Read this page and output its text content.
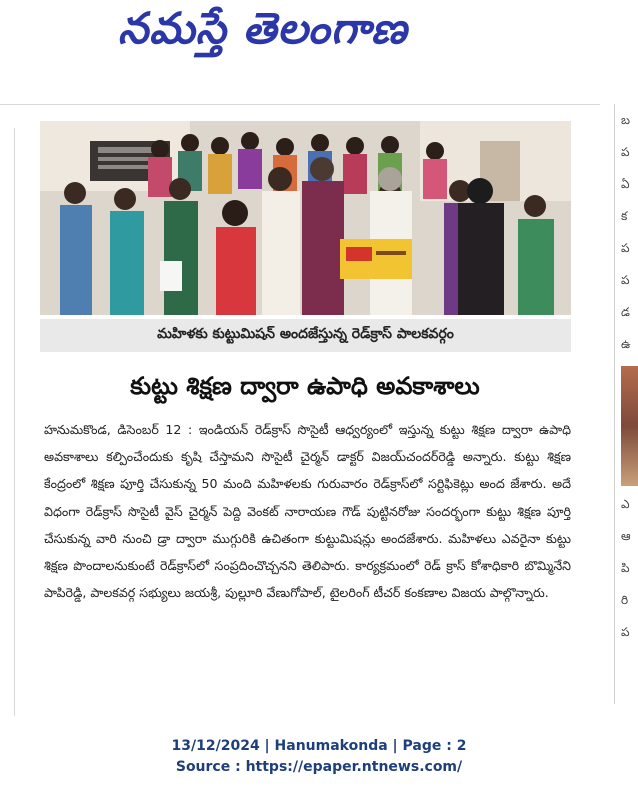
నమస్తే తెలంగాణ
బ
ప
ఏ
క
ప
ప
డ
ఉ
ఎ
ఆ
పి
రి
ప
మహిళకు కుట్టుమిషన్ అందజేస్తున్న రెడ్‌క్రాస్ పాలకవర్గం
కుట్టు శిక్షణ ద్వారా ఉపాధి అవకాశాలు
హనుమకొండ, డిసెంబర్ 12 : ఇండియన్ రెడ్‌క్రాస్ సొసైటీ ఆధ్వర్యంలో ఇస్తున్న కుట్టు శిక్షణ ద్వారా ఉపాధి అవకాశాలు కల్పించేందుకు కృషి చేస్తామని సొసైటీ చైర్మన్ డాక్టర్ విజయ్‌చందర్‌రెడ్డి అన్నారు. కుట్టు శిక్షణ కేంద్రంలో శిక్షణ పూర్తి చేసుకున్న 50 మంది మహిళలకు గురువారం రెడ్‌క్రాస్‌లో సర్టిఫికెట్లు అంద జేశారు. అదే విధంగా రెడ్‌క్రాస్ సొసైటీ వైస్ చైర్మన్ పెద్ది వెంకట్ నారాయణ గౌడ్ పుట్టినరోజు సందర్భంగా కుట్టు శిక్షణ పూర్తి చేసుకున్న వారి నుంచి డ్రా ద్వారా ముగ్గురికి ఉచితంగా కుట్టుమిషన్లు అందజేశారు. మహిళలు ఎవరైనా కుట్టు శిక్షణ పొందాలనుకుంటే రెడ్‌క్రాస్‌లో సంప్రదించొచ్చనని తెలిపారు. కార్యక్రమంలో రెడ్ క్రాస్ కోశాధికారి బొమ్మినేని పాపిరెడ్డి, పాలకవర్గ సభ్యులు జయశ్రీ, పుల్లూరి వేణుగోపాల్, టైలరింగ్ టీచర్ కంకణాల విజయ పాల్గొన్నారు.
13/12/2024 | Hanumakonda | Page : 2
Source : https://epaper.ntnews.com/
